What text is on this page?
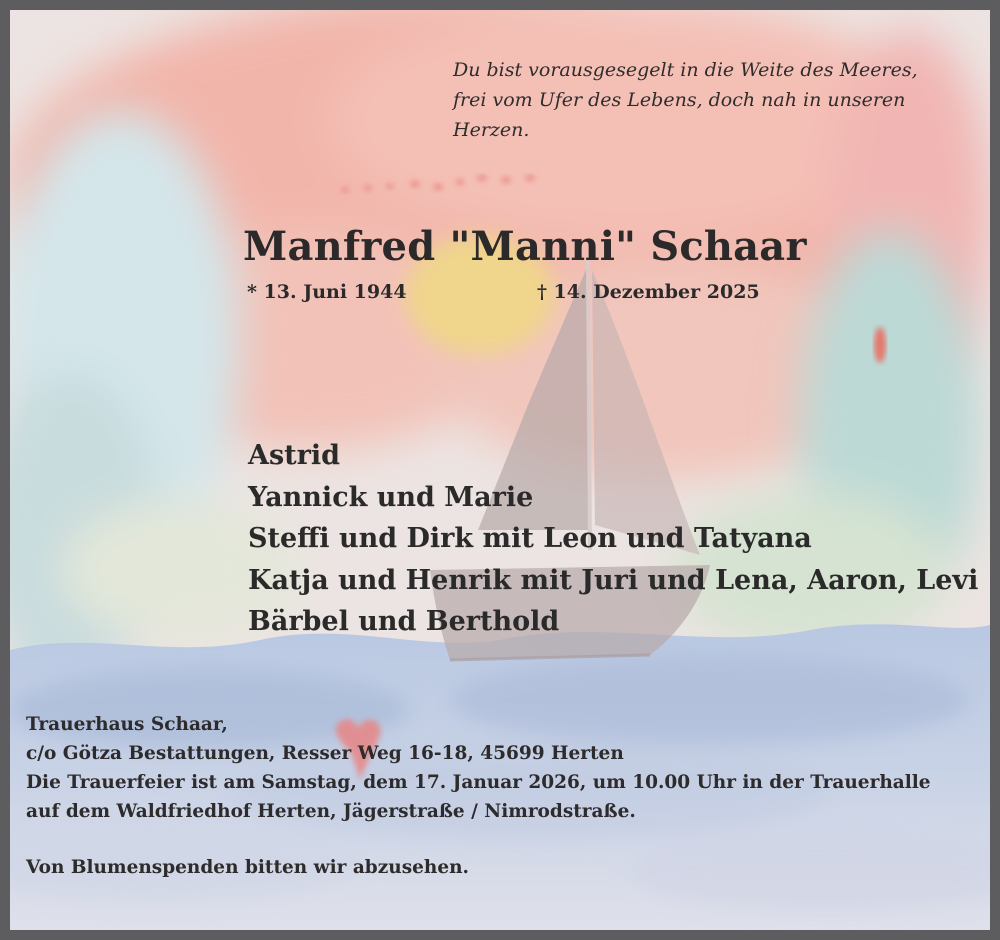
Du bist vorausgesegelt in die Weite des Meeres,
frei vom Ufer des Lebens, doch nah in unseren
Herzen.
Manfred "Manni" Schaar
* 13. Juni 1944	† 14. Dezember 2025
Astrid
Yannick und Marie
Steffi und Dirk mit Leon und Tatyana
Katja und Henrik mit Juri und Lena, Aaron, Levi
Bärbel und Berthold
Trauerhaus Schaar,
c/o Götza Bestattungen, Resser Weg 16-18, 45699 Herten
Die Trauerfeier ist am Samstag, dem 17. Januar 2026, um 10.00 Uhr in der Trauerhalle
auf dem Waldfriedhof Herten, Jägerstraße / Nimrodstraße.
Von Blumenspenden bitten wir abzusehen.
